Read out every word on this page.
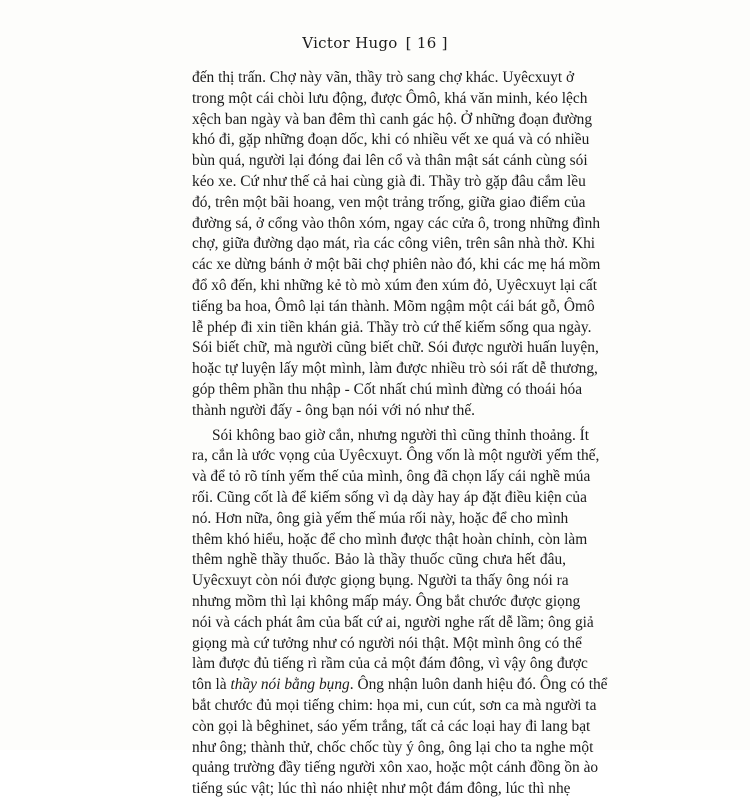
Victor Hugo [ 16 ]

đến thị trấn. Chợ này vãn, thầy trò sang chợ khác. Uyêcxuyt ở
trong một cái chòi lưu động, được Ômô, khá văn minh, kéo lệch
xệch ban ngày và ban đêm thì canh gác hộ. Ở những đoạn đường
khó đi, gặp những đoạn dốc, khi có nhiều vết xe quá và có nhiều
bùn quá, người lại đóng đai lên cổ và thân mật sát cánh cùng sói
kéo xe. Cứ như thế cả hai cùng già đi. Thầy trò gặp đâu cắm lều
đó, trên một bãi hoang, ven một trảng trống, giữa giao điểm của
đường sá, ở cổng vào thôn xóm, ngay các cửa ô, trong những đình
chợ, giữa đường dạo mát, rìa các công viên, trên sân nhà thờ. Khi
các xe dừng bánh ở một bãi chợ phiên nào đó, khi các mẹ há mồm
đổ xô đến, khi những kẻ tò mò xúm đen xúm đỏ, Uyêcxuyt lại cất
tiếng ba hoa, Ômô lại tán thành. Mõm ngậm một cái bát gỗ, Ômô
lễ phép đi xin tiền khán giả. Thầy trò cứ thế kiếm sống qua ngày.
Sói biết chữ, mà người cũng biết chữ. Sói được người huấn luyện,
hoặc tự luyện lấy một mình, làm được nhiều trò sói rất dễ thương,
góp thêm phần thu nhập - Cốt nhất chú mình đừng có thoái hóa
thành người đấy - ông bạn nói với nó như thế.

Sói không bao giờ cắn, nhưng người thì cũng thỉnh thoảng. Ít
ra, cắn là ước vọng của Uyêcxuyt. Ông vốn là một người yếm thế,
và để tỏ rõ tính yếm thế của mình, ông đã chọn lấy cái nghề múa
rối. Cũng cốt là để kiếm sống vì dạ dày hay áp đặt điều kiện của
nó. Hơn nữa, ông già yếm thế múa rối này, hoặc để cho mình
thêm khó hiểu, hoặc để cho mình được thật hoàn chỉnh, còn làm
thêm nghề thầy thuốc. Bảo là thầy thuốc cũng chưa hết đâu,
Uyêcxuyt còn nói được giọng bụng. Người ta thấy ông nói ra
nhưng mồm thì lại không mấp máy. Ông bắt chước được giọng
nói và cách phát âm của bất cứ ai, người nghe rất dễ lầm; ông giả
giọng mà cứ tưởng như có người nói thật. Một mình ông có thể
làm được đủ tiếng rì rầm của cả một đám đông, vì vậy ông được
tôn là thầy nói bằng bụng. Ông nhận luôn danh hiệu đó. Ông có thể
bắt chước đủ mọi tiếng chim: họa mi, cun cút, sơn ca mà người ta
còn gọi là bêghinet, sáo yếm trắng, tất cả các loại hay đi lang bạt
như ông; thành thử, chốc chốc tùy ý ông, ông lại cho ta nghe một
quảng trường đầy tiếng người xôn xao, hoặc một cánh đồng ồn ào
tiếng súc vật; lúc thì náo nhiệt như một đám đông, lúc thì nhẹ
